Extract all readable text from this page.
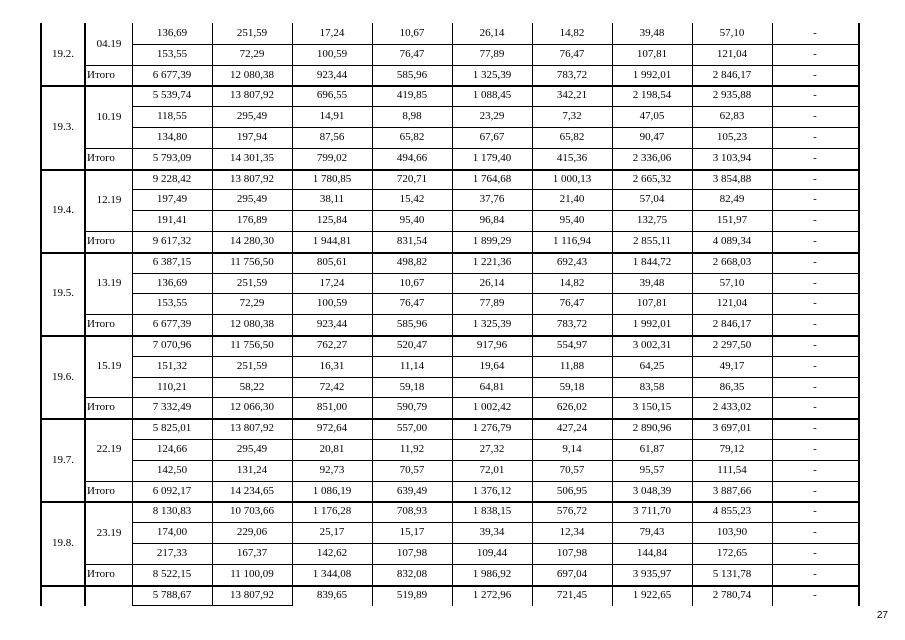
19.2.
04.19
136,69	251,59	17,24	10,67	26,14	14,82	39,48	57,10	-
153,55	72,29	100,59	76,47	77,89	76,47	107,81	121,04	-
Итого	6 677,39	12 080,38	923,44	585,96	1 325,39	783,72	1 992,01	2 846,17	-
19.3.
10.19
5 539,74	13 807,92	696,55	419,85	1 088,45	342,21	2 198,54	2 935,88	-
118,55	295,49	14,91	8,98	23,29	7,32	47,05	62,83	-
134,80	197,94	87,56	65,82	67,67	65,82	90,47	105,23	-
Итого	5 793,09	14 301,35	799,02	494,66	1 179,40	415,36	2 336,06	3 103,94	-
19.4.
12.19
9 228,42	13 807,92	1 780,85	720,71	1 764,68	1 000,13	2 665,32	3 854,88	-
197,49	295,49	38,11	15,42	37,76	21,40	57,04	82,49	-
191,41	176,89	125,84	95,40	96,84	95,40	132,75	151,97	-
Итого	9 617,32	14 280,30	1 944,81	831,54	1 899,29	1 116,94	2 855,11	4 089,34	-
19.5.
13.19
6 387,15	11 756,50	805,61	498,82	1 221,36	692,43	1 844,72	2 668,03	-
136,69	251,59	17,24	10,67	26,14	14,82	39,48	57,10	-
153,55	72,29	100,59	76,47	77,89	76,47	107,81	121,04	-
Итого	6 677,39	12 080,38	923,44	585,96	1 325,39	783,72	1 992,01	2 846,17	-
19.6.
15.19
7 070,96	11 756,50	762,27	520,47	917,96	554,97	3 002,31	2 297,50	-
151,32	251,59	16,31	11,14	19,64	11,88	64,25	49,17	-
110,21	58,22	72,42	59,18	64,81	59,18	83,58	86,35	-
Итого	7 332,49	12 066,30	851,00	590,79	1 002,42	626,02	3 150,15	2 433,02	-
19.7.
22.19
5 825,01	13 807,92	972,64	557,00	1 276,79	427,24	2 890,96	3 697,01	-
124,66	295,49	20,81	11,92	27,32	9,14	61,87	79,12	-
142,50	131,24	92,73	70,57	72,01	70,57	95,57	111,54	-
Итого	6 092,17	14 234,65	1 086,19	639,49	1 376,12	506,95	3 048,39	3 887,66	-
19.8.
23.19
8 130,83	10 703,66	1 176,28	708,93	1 838,15	576,72	3 711,70	4 855,23	-
174,00	229,06	25,17	15,17	39,34	12,34	79,43	103,90	-
217,33	167,37	142,62	107,98	109,44	107,98	144,84	172,65	-
Итого	8 522,15	11 100,09	1 344,08	832,08	1 986,92	697,04	3 935,97	5 131,78	-
5 788,67	13 807,92	839,65	519,89	1 272,96	721,45	1 922,65	2 780,74	-
27
